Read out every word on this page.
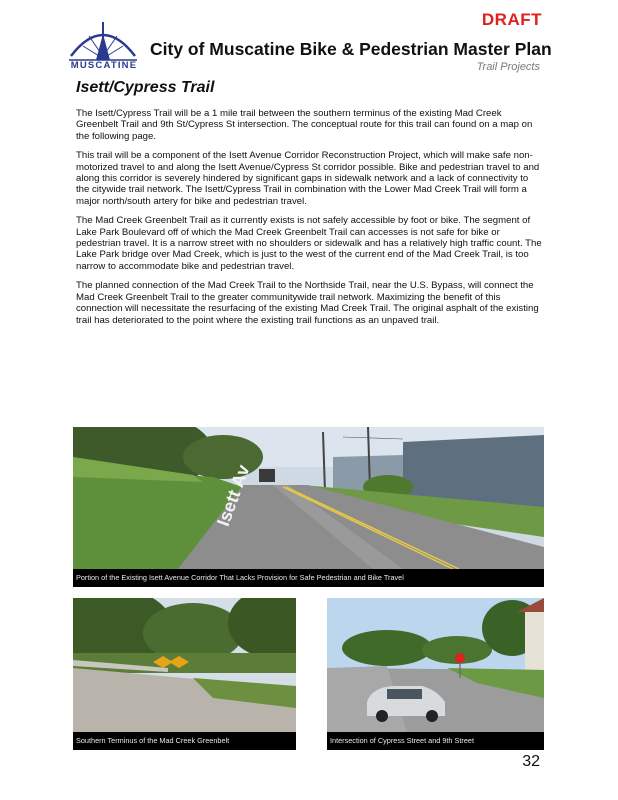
DRAFT
MUSCATINE
City of Muscatine Bike & Pedestrian Master Plan
Trail Projects
Isett/Cypress Trail

The Isett/Cypress Trail will be a 1 mile trail between the southern terminus of the existing Mad Creek Greenbelt Trail and 9th St/Cypress St intersection. The conceptual route for this trail can found on a map on the following page.

This trail will be a component of the Isett Avenue Corridor Reconstruction Project, which will make safe non-motorized travel to and along the Isett Avenue/Cypress St corridor possible. Bike and pedestrian travel to and along this corridor is severely hindered by significant gaps in sidewalk network and a lack of connectivity to the citywide trail network. The Isett/Cypress Trail in combination with the Lower Mad Creek Trail will form a major north/south artery for bike and pedestrian travel.

The Mad Creek Greenbelt Trail as it currently exists is not safely accessible by foot or bike. The segment of Lake Park Boulevard off of which the Mad Creek Greenbelt Trail can accesses is not safe for bike or pedestrian travel. It is a narrow street with no shoulders or sidewalk and has a relatively high traffic count. The Lake Park bridge over Mad Creek, which is just to the west of the current end of the Mad Creek Trail, is too narrow to accommodate bike and pedestrian travel.

The planned connection of the Mad Creek Trail to the Northside Trail, near the U.S. Bypass, will connect the Mad Creek Greenbelt Trail to the greater communitywide trail network. Maximizing the benefit of this connection will necessitate the resurfacing of the existing Mad Creek Trail. The original asphalt of the existing trail has deteriorated to the point where the existing trail functions as an unpaved trail.

Isett Av
Portion of the Existing Isett Avenue Corridor That Lacks Provision for Safe Pedestrian and Bike Travel
Southern Terminus of the Mad Creek Greenbelt	Intersection of Cypress Street and 9th Street
32
